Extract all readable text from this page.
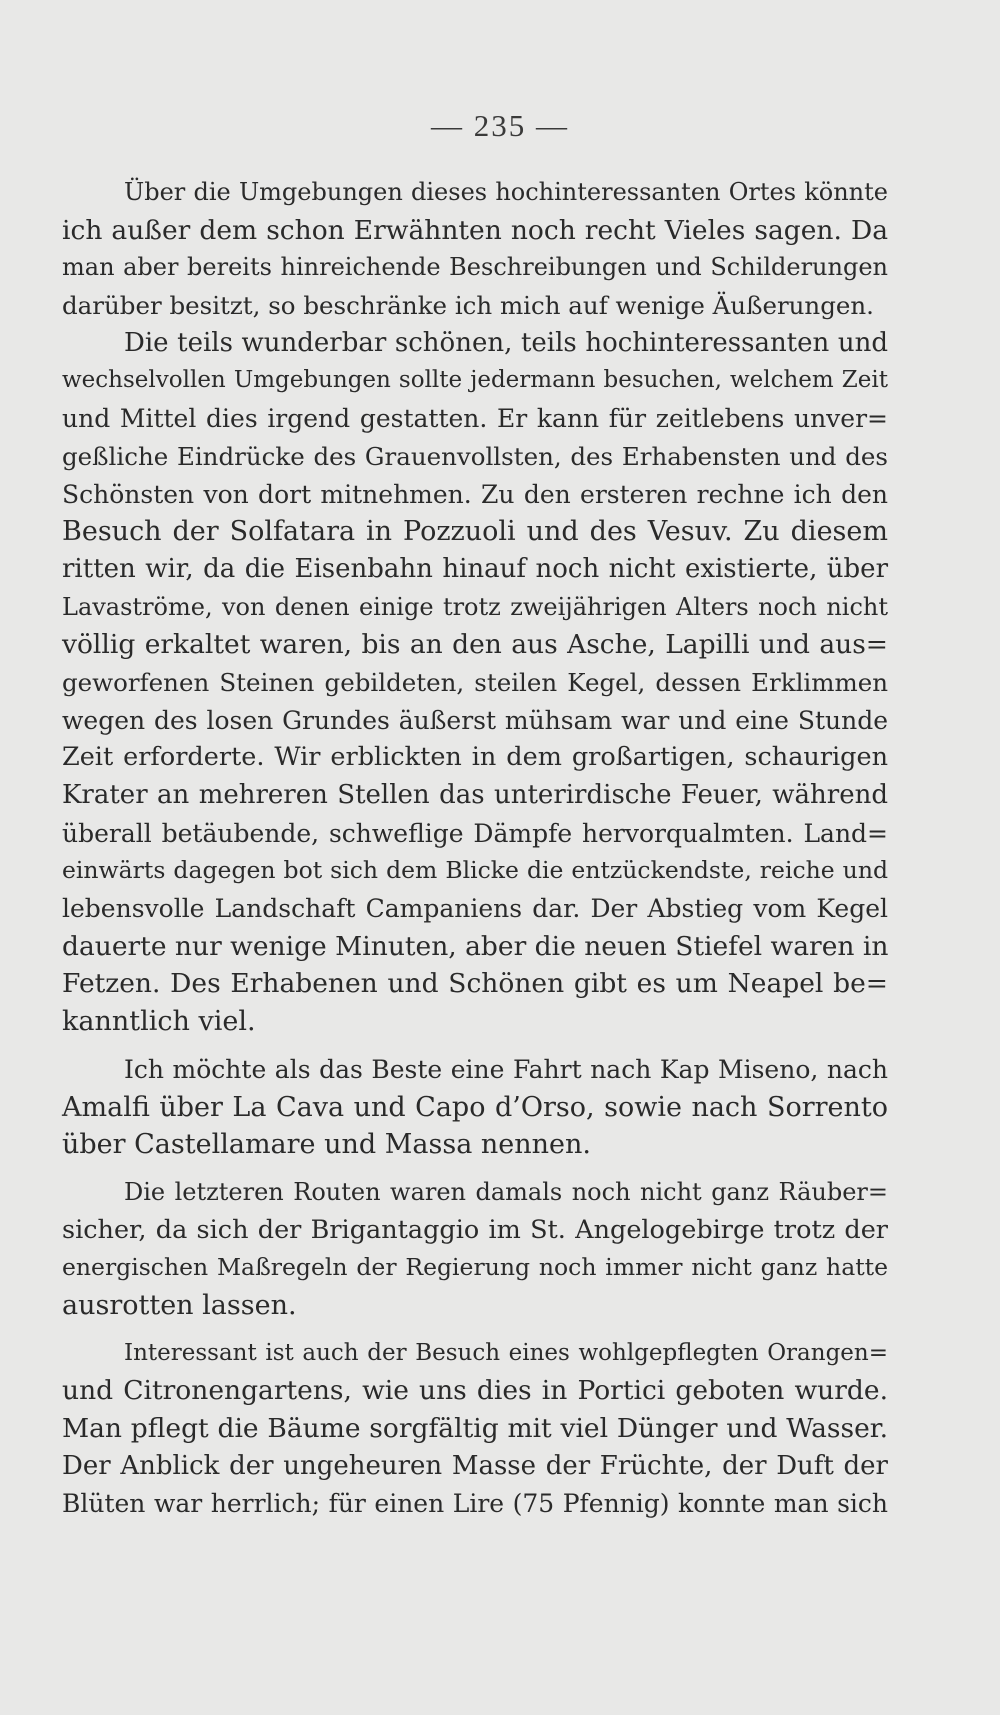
— 235 —
Über die Umgebungen dieses hochinteressanten Ortes könnte
ich außer dem schon Erwähnten noch recht Vieles sagen. Da
man aber bereits hinreichende Beschreibungen und Schilderungen
darüber besitzt, so beschränke ich mich auf wenige Äußerungen.
Die teils wunderbar schönen, teils hochinteressanten und
wechselvollen Umgebungen sollte jedermann besuchen, welchem Zeit
und Mittel dies irgend gestatten. Er kann für zeitlebens unver=
geßliche Eindrücke des Grauenvollsten, des Erhabensten und des
Schönsten von dort mitnehmen. Zu den ersteren rechne ich den
Besuch der Solfatara in Pozzuoli und des Vesuv. Zu diesem
ritten wir, da die Eisenbahn hinauf noch nicht existierte, über
Lavaströme, von denen einige trotz zweijährigen Alters noch nicht
völlig erkaltet waren, bis an den aus Asche, Lapilli und aus=
geworfenen Steinen gebildeten, steilen Kegel, dessen Erklimmen
wegen des losen Grundes äußerst mühsam war und eine Stunde
Zeit erforderte. Wir erblickten in dem großartigen, schaurigen
Krater an mehreren Stellen das unterirdische Feuer, während
überall betäubende, schweflige Dämpfe hervorqualmten. Land=
einwärts dagegen bot sich dem Blicke die entzückendste, reiche und
lebensvolle Landschaft Campaniens dar. Der Abstieg vom Kegel
dauerte nur wenige Minuten, aber die neuen Stiefel waren in
Fetzen. Des Erhabenen und Schönen gibt es um Neapel be=
kanntlich viel.
Ich möchte als das Beste eine Fahrt nach Kap Miseno, nach
Amalfi über La Cava und Capo d’Orso, sowie nach Sorrento
über Castellamare und Massa nennen.
Die letzteren Routen waren damals noch nicht ganz Räuber=
sicher, da sich der Brigantaggio im St. Angelogebirge trotz der
energischen Maßregeln der Regierung noch immer nicht ganz hatte
ausrotten lassen.
Interessant ist auch der Besuch eines wohlgepflegten Orangen=
und Citronengartens, wie uns dies in Portici geboten wurde.
Man pflegt die Bäume sorgfältig mit viel Dünger und Wasser.
Der Anblick der ungeheuren Masse der Früchte, der Duft der
Blüten war herrlich; für einen Lire (75 Pfennig) konnte man sich
